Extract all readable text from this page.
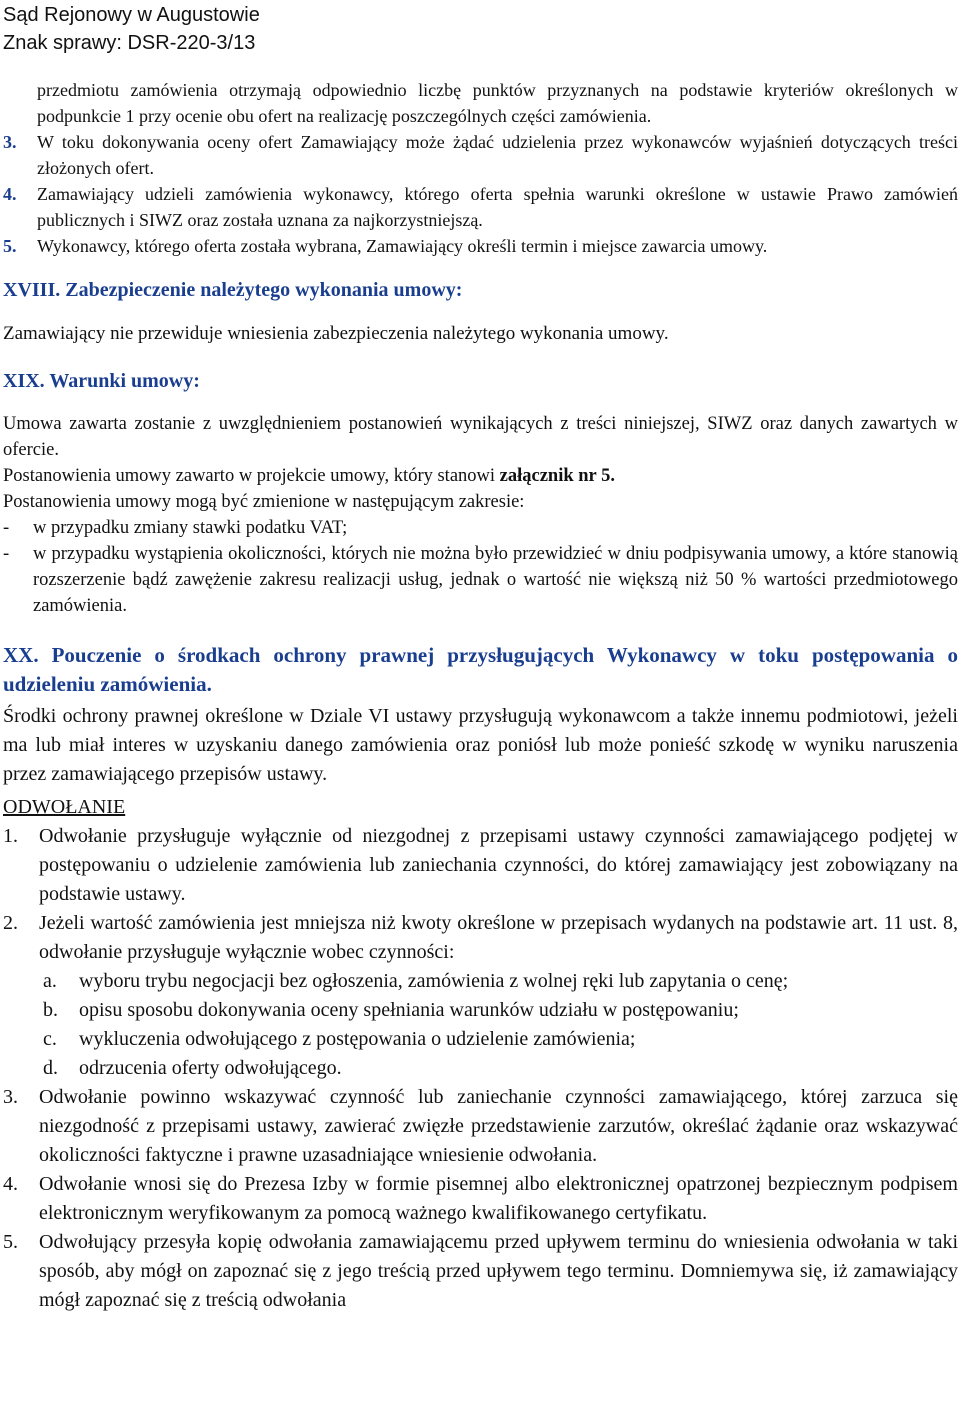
Sąd Rejonowy w Augustowie
Znak sprawy: DSR-220-3/13
przedmiotu zamówienia otrzymają odpowiednio liczbę punktów przyznanych na podstawie kryteriów określonych w podpunkcie 1 przy ocenie obu ofert na realizację poszczególnych części zamówienia.
3. W toku dokonywania oceny ofert Zamawiający może żądać udzielenia przez wykonawców wyjaśnień dotyczących treści złożonych ofert.
4. Zamawiający udzieli zamówienia wykonawcy, którego oferta spełnia warunki określone w ustawie Prawo zamówień publicznych i SIWZ oraz została uznana za najkorzystniejszą.
5. Wykonawcy, którego oferta została wybrana, Zamawiający określi termin i miejsce zawarcia umowy.
XVIII. Zabezpieczenie należytego wykonania umowy:
Zamawiający nie przewiduje wniesienia zabezpieczenia należytego wykonania umowy.
XIX. Warunki umowy:
Umowa zawarta zostanie z uwzględnieniem postanowień wynikających z treści niniejszej, SIWZ oraz danych zawartych w ofercie.
Postanowienia umowy zawarto w projekcie umowy, który stanowi załącznik nr 5.
Postanowienia umowy mogą być zmienione w następującym zakresie:
- w przypadku zmiany stawki podatku VAT;
- w przypadku wystąpienia okoliczności, których nie można było przewidzieć w dniu podpisywania umowy, a które stanowią rozszerzenie bądź zawężenie zakresu realizacji usług, jednak o wartość nie większą niż 50 % wartości przedmiotowego zamówienia.
XX. Pouczenie o środkach ochrony prawnej przysługujących Wykonawcy w toku postępowania o udzieleniu zamówienia.
Środki ochrony prawnej określone w Dziale VI ustawy przysługują wykonawcom a także innemu podmiotowi, jeżeli ma lub miał interes w uzyskaniu danego zamówienia oraz poniósł lub może ponieść szkodę w wyniku naruszenia przez zamawiającego przepisów ustawy.
ODWOŁANIE
1. Odwołanie przysługuje wyłącznie od niezgodnej z przepisami ustawy czynności zamawiającego podjętej w postępowaniu o udzielenie zamówienia lub zaniechania czynności, do której zamawiający jest zobowiązany na podstawie ustawy.
2. Jeżeli wartość zamówienia jest mniejsza niż kwoty określone w przepisach wydanych na podstawie art. 11 ust. 8, odwołanie przysługuje wyłącznie wobec czynności:
a. wyboru trybu negocjacji bez ogłoszenia, zamówienia z wolnej ręki lub zapytania o cenę;
b. opisu sposobu dokonywania oceny spełniania warunków udziału w postępowaniu;
c. wykluczenia odwołującego z postępowania o udzielenie zamówienia;
d. odrzucenia oferty odwołującego.
3. Odwołanie powinno wskazywać czynność lub zaniechanie czynności zamawiającego, której zarzuca się niezgodność z przepisami ustawy, zawierać zwięzłe przedstawienie zarzutów, określać żądanie oraz wskazywać okoliczności faktyczne i prawne uzasadniające wniesienie odwołania.
4. Odwołanie wnosi się do Prezesa Izby w formie pisemnej albo elektronicznej opatrzonej bezpiecznym podpisem elektronicznym weryfikowanym za pomocą ważnego kwalifikowanego certyfikatu.
5. Odwołujący przesyła kopię odwołania zamawiającemu przed upływem terminu do wniesienia odwołania w taki sposób, aby mógł on zapoznać się z jego treścią przed upływem tego terminu. Domniemywa się, iż zamawiający mógł zapoznać się z treścią odwołania
